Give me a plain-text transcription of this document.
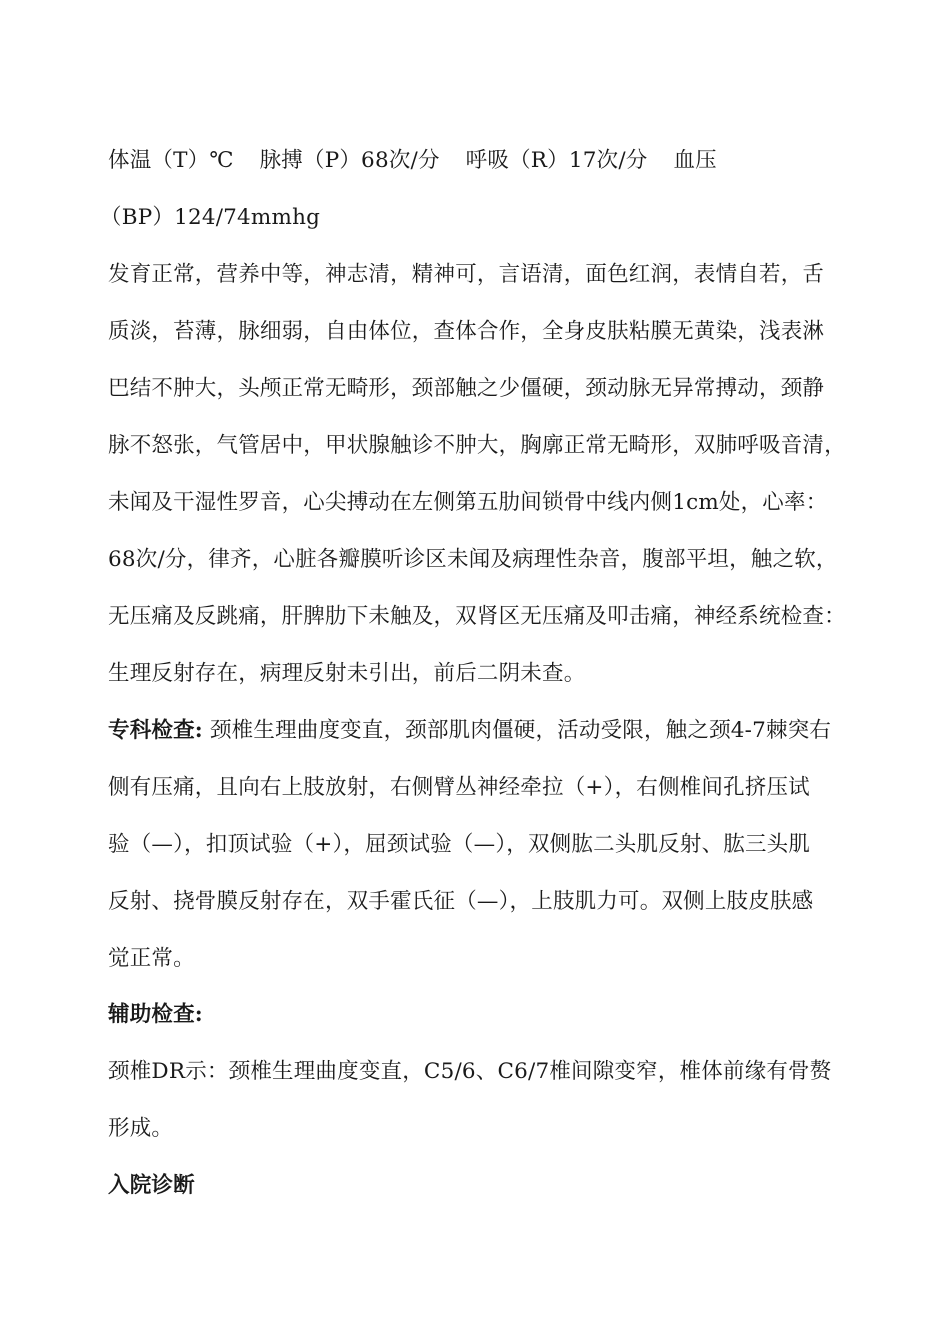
体温（T）℃ 脉搏（P）68次/分 呼吸（R）17次/分 血压
（BP）124/74mmhg
发育正常，营养中等，神志清，精神可，言语清，面色红润，表情自若，舌
质淡，苔薄，脉细弱，自由体位，查体合作，全身皮肤粘膜无黄染，浅表淋
巴结不肿大，头颅正常无畸形，颈部触之少僵硬，颈动脉无异常搏动，颈静
脉不怒张，气管居中，甲状腺触诊不肿大，胸廓正常无畸形，双肺呼吸音清，
未闻及干湿性罗音，心尖搏动在左侧第五肋间锁骨中线内侧1cm处，心率：
68次/分，律齐，心脏各瓣膜听诊区未闻及病理性杂音，腹部平坦，触之软，
无压痛及反跳痛，肝脾肋下未触及，双肾区无压痛及叩击痛，神经系统检查：
生理反射存在，病理反射未引出，前后二阴未查。
专科检查: 颈椎生理曲度变直，颈部肌肉僵硬，活动受限，触之颈4-7棘突右
侧有压痛，且向右上肢放射，右侧臂丛神经牵拉（+），右侧椎间孔挤压试
验（—），扣顶试验（+），屈颈试验（—），双侧肱二头肌反射、肱三头肌
反射、挠骨膜反射存在，双手霍氏征（—），上肢肌力可。双侧上肢皮肤感
觉正常。
辅助检查:
颈椎DR示：颈椎生理曲度变直，C5/6、C6/7椎间隙变窄，椎体前缘有骨赘
形成。
入院诊断
